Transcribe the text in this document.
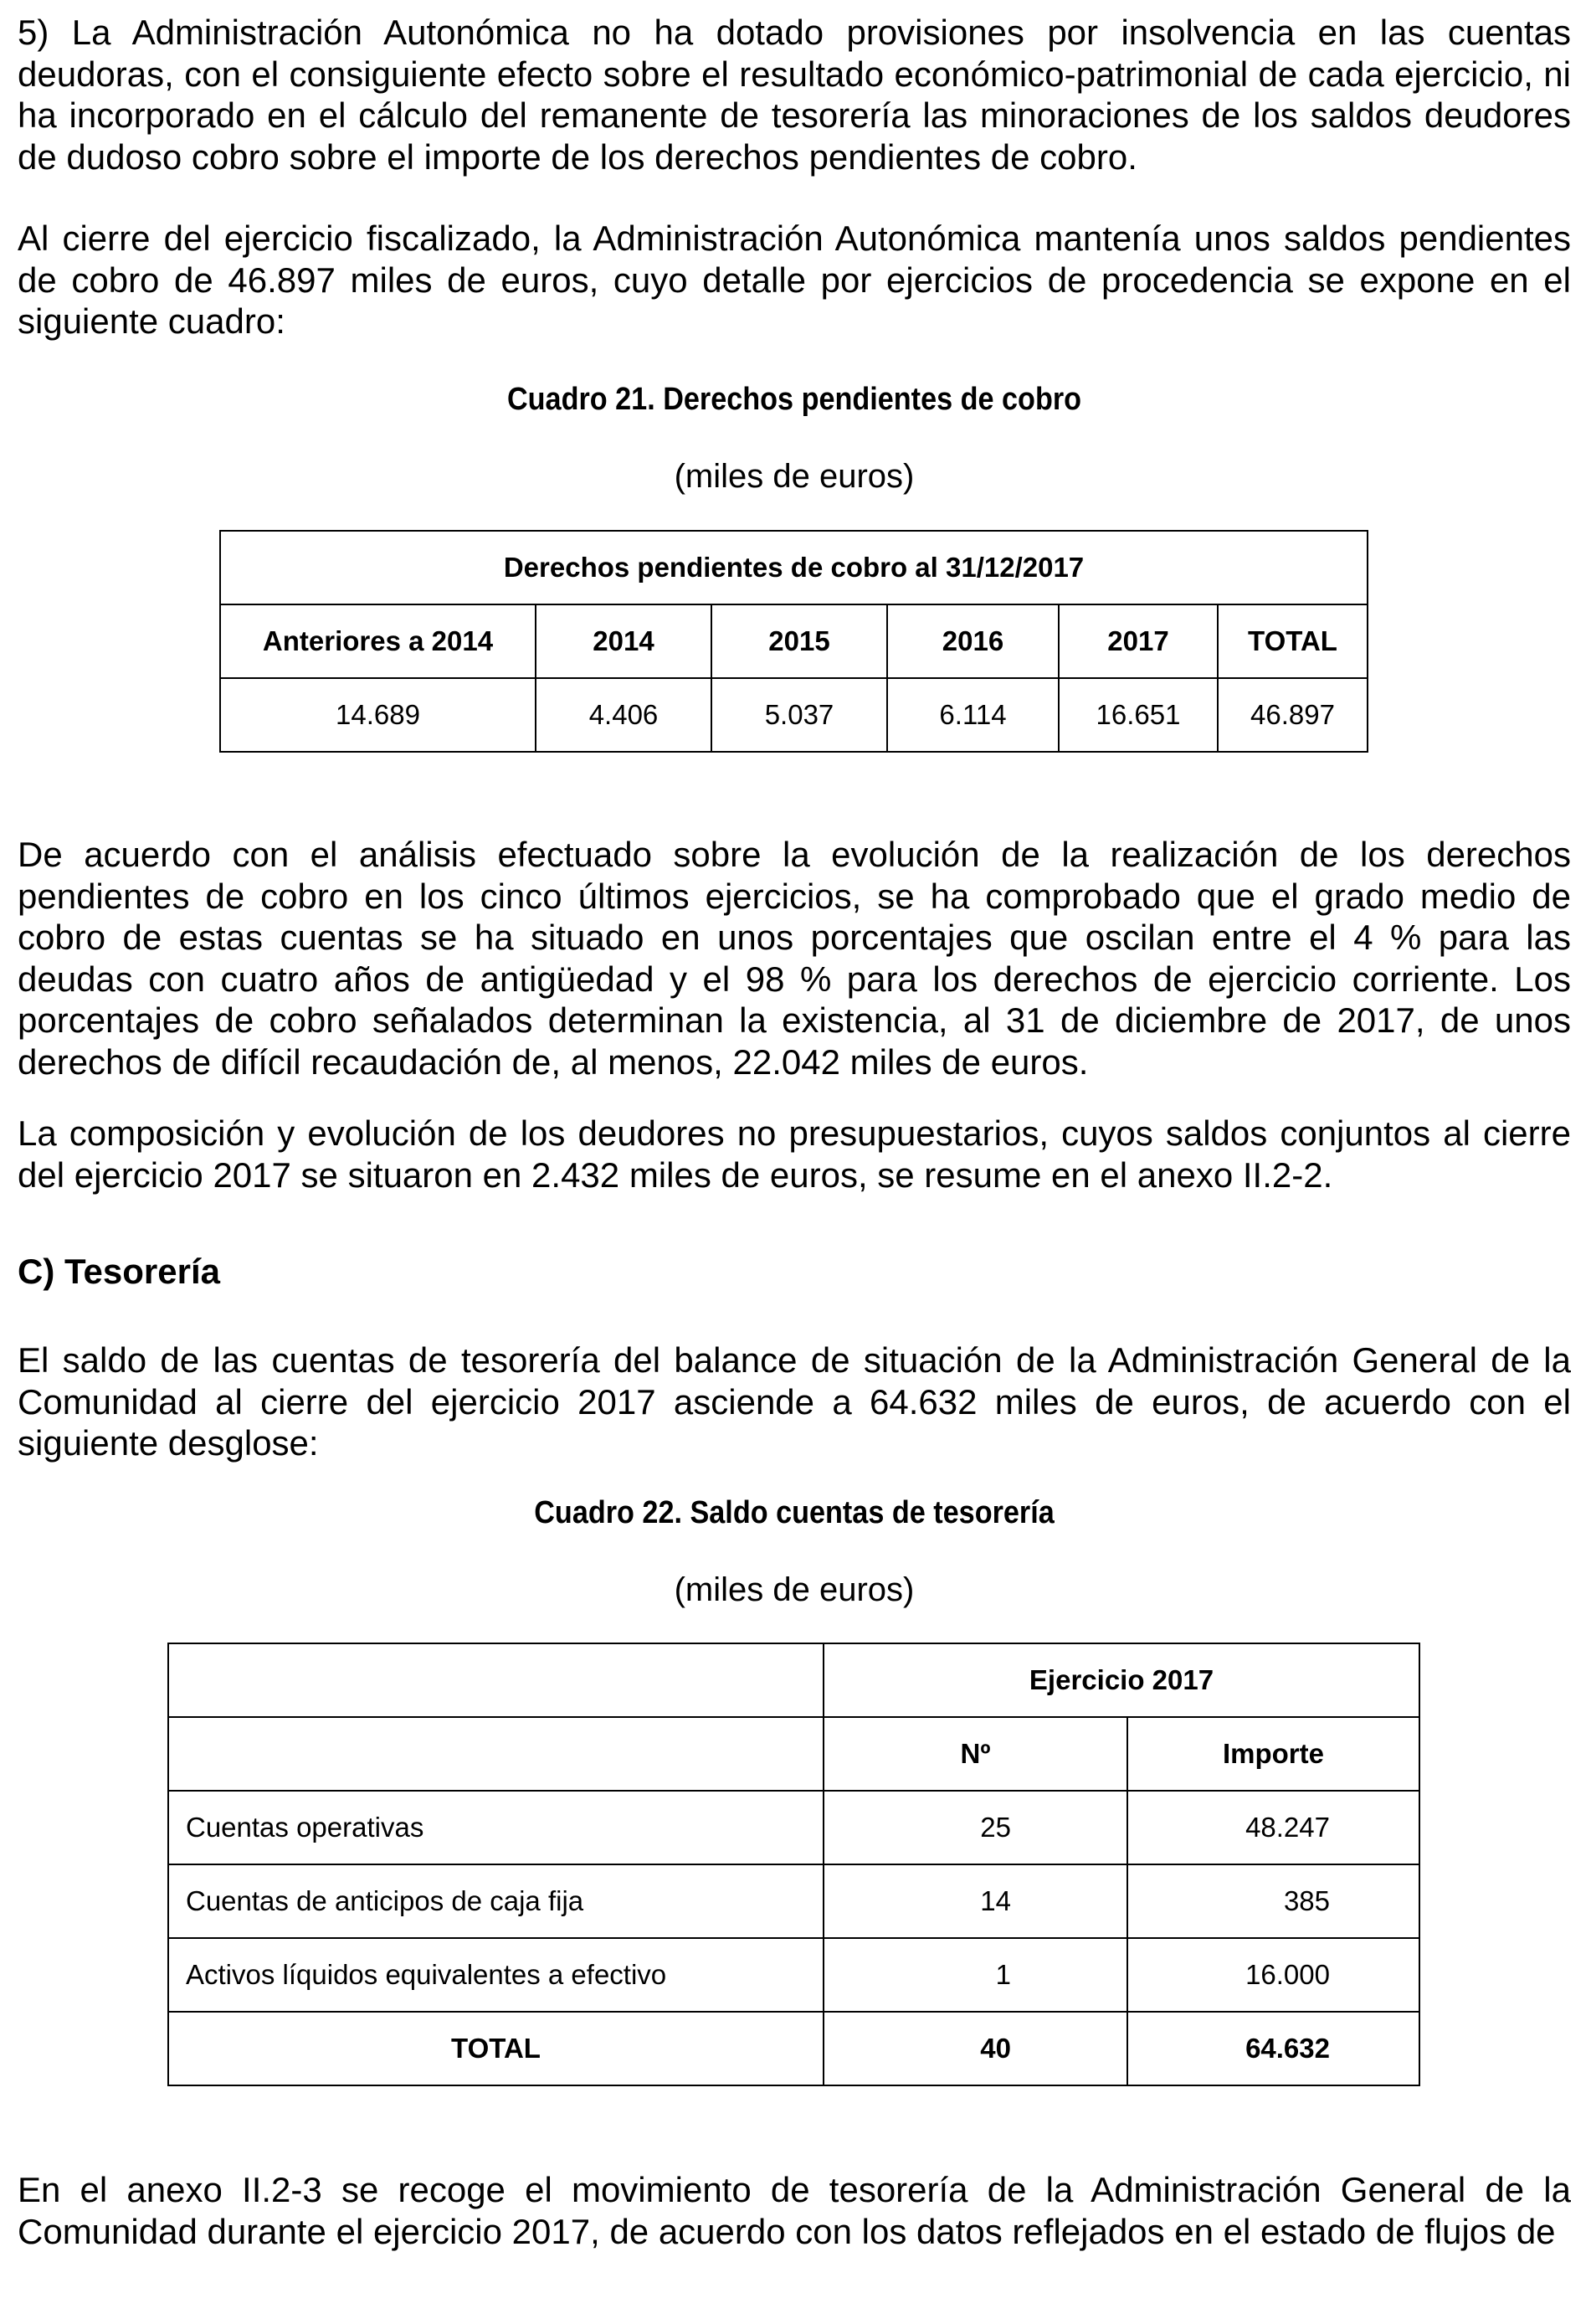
5) La Administración Autonómica no ha dotado provisiones por insolvencia en las cuentas deudoras, con el consiguiente efecto sobre el resultado económico-patrimonial de cada ejercicio, ni ha incorporado en el cálculo del remanente de tesorería las minoraciones de los saldos deudores de dudoso cobro sobre el importe de los derechos pendientes de cobro.

Al cierre del ejercicio fiscalizado, la Administración Autonómica mantenía unos saldos pendientes de cobro de 46.897 miles de euros, cuyo detalle por ejercicios de procedencia se expone en el siguiente cuadro:

Cuadro 21. Derechos pendientes de cobro

(miles de euros)

Derechos pendientes de cobro al 31/12/2017					
Anteriores a 2014	2014	2015	2016	2017	TOTAL
14.689	4.406	5.037	6.114	16.651	46.897

De acuerdo con el análisis efectuado sobre la evolución de la realización de los derechos pendientes de cobro en los cinco últimos ejercicios, se ha comprobado que el grado medio de cobro de estas cuentas se ha situado en unos porcentajes que oscilan entre el 4 % para las deudas con cuatro años de antigüedad y el 98 % para los derechos de ejercicio corriente. Los porcentajes de cobro señalados determinan la existencia, al 31 de diciembre de 2017, de unos derechos de difícil recaudación de, al menos, 22.042 miles de euros.

La composición y evolución de los deudores no presupuestarios, cuyos saldos conjuntos al cierre del ejercicio 2017 se situaron en 2.432 miles de euros, se resume en el anexo II.2-2.

C) Tesorería

El saldo de las cuentas de tesorería del balance de situación de la Administración General de la Comunidad al cierre del ejercicio 2017 asciende a 64.632 miles de euros, de acuerdo con el siguiente desglose:

Cuadro 22. Saldo cuentas de tesorería

(miles de euros)

	Ejercicio 2017	
	Nº	Importe
Cuentas operativas	25	48.247
Cuentas de anticipos de caja fija	14	385
Activos líquidos equivalentes a efectivo	1	16.000
TOTAL	40	64.632

En el anexo II.2-3 se recoge el movimiento de tesorería de la Administración General de la Comunidad durante el ejercicio 2017, de acuerdo con los datos reflejados en el estado de flujos de
